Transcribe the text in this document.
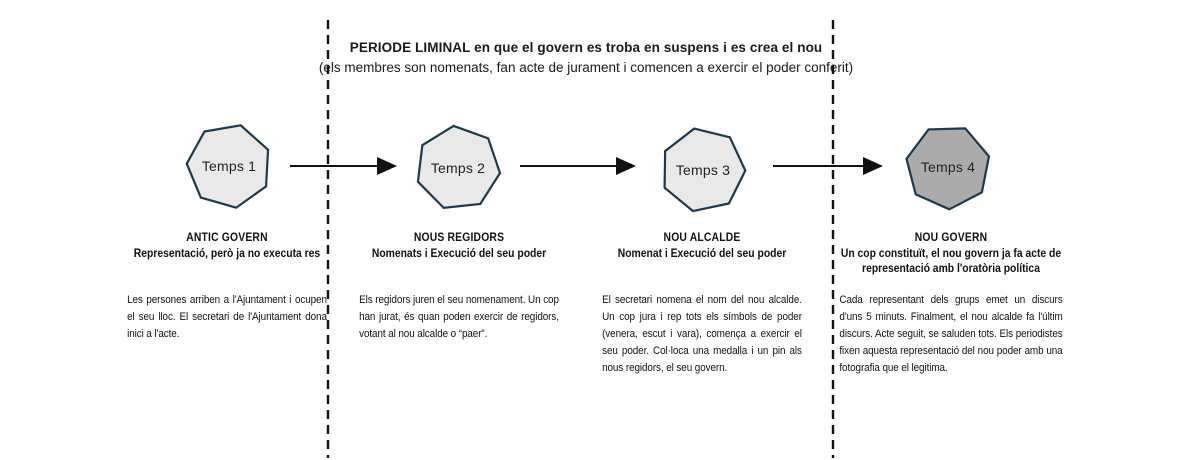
PERIODE LIMINAL en que el govern es troba en suspens i es crea el nou
(els membres son nomenats, fan acte de jurament i comencen a exercir el poder conferit)
Temps 1	Temps 2	Temps 3	Temps 4
ANTIC GOVERN
Representació, però ja no executa res
Les persones arriben a l'Ajuntament i ocupen el seu lloc. El secretari de l'Ajuntament dona inici a l'acte.
NOUS REGIDORS
Nomenats i Execució del seu poder
Els regidors juren el seu nomenament. Un cop han jurat, és quan poden exercir de regidors, votant al nou alcalde o “paer”.
NOU ALCALDE
Nomenat i Execució del seu poder
El secretari nomena el nom del nou alcalde. Un cop jura i rep tots els símbols de poder (venera, escut i vara), comença a exercir el seu poder. Col·loca una medalla i un pin als nous regidors, el seu govern.
NOU GOVERN
Un cop constituït, el nou govern ja fa acte de representació amb l'oratòria política
Cada representant dels grups emet un discurs d'uns 5 minuts. Finalment, el nou alcalde fa l'últim discurs. Acte seguit, se saluden tots. Els periodistes fixen aquesta representació del nou poder amb una fotografia que el legitima.
